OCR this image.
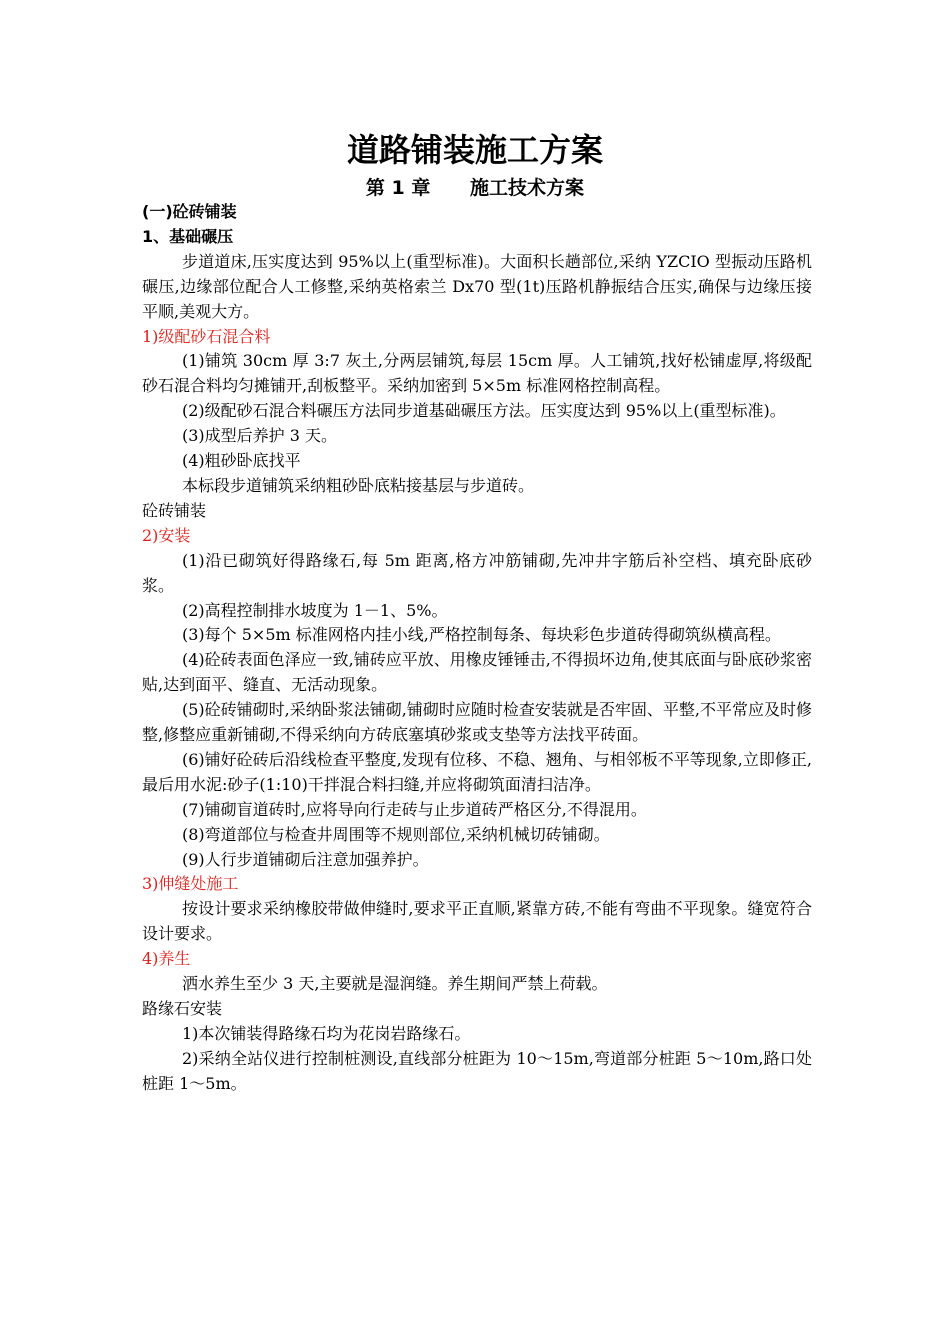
道路铺装施工方案
第 1 章      施工技术方案

(一)砼砖铺装

1、基础碾压

步道道床,压实度达到 95%以上(重型标准)。大面积长趟部位,采纳 YZCIO 型振动压路机碾压,边缘部位配合人工修整,采纳英格索兰 Dx70 型(1t)压路机静振结合压实,确保与边缘压接平顺,美观大方。

1)级配砂石混合料

(1)铺筑 30cm 厚 3:7 灰土,分两层铺筑,每层 15cm 厚。人工铺筑,找好松铺虚厚,将级配砂石混合料均匀摊铺开,刮板整平。采纳加密到 5×5m 标准网格控制高程。

(2)级配砂石混合料碾压方法同步道基础碾压方法。压实度达到 95%以上(重型标准)。

(3)成型后养护 3 天。

(4)粗砂卧底找平

本标段步道铺筑采纳粗砂卧底粘接基层与步道砖。

砼砖铺装

2)安装

(1)沿已砌筑好得路缘石,每 5m 距离,格方冲筋铺砌,先冲井字筋后补空档、填充卧底砂浆。

(2)高程控制排水坡度为 1－1、5%。

(3)每个 5×5m 标准网格内挂小线,严格控制每条、每块彩色步道砖得砌筑纵横高程。

(4)砼砖表面色泽应一致,铺砖应平放、用橡皮锤锤击,不得损坏边角,使其底面与卧底砂浆密贴,达到面平、缝直、无活动现象。

(5)砼砖铺砌时,采纳卧浆法铺砌,铺砌时应随时检查安装就是否牢固、平整,不平常应及时修整,修整应重新铺砌,不得采纳向方砖底塞填砂浆或支垫等方法找平砖面。

(6)铺好砼砖后沿线检查平整度,发现有位移、不稳、翘角、与相邻板不平等现象,立即修正,最后用水泥:砂子(1:10)干拌混合料扫缝,并应将砌筑面清扫洁净。

(7)铺砌盲道砖时,应将导向行走砖与止步道砖严格区分,不得混用。

(8)弯道部位与检查井周围等不规则部位,采纳机械切砖铺砌。

(9)人行步道铺砌后注意加强养护。

3)伸缝处施工

按设计要求采纳橡胶带做伸缝时,要求平正直顺,紧靠方砖,不能有弯曲不平现象。缝宽符合设计要求。

4)养生

洒水养生至少 3 天,主要就是湿润缝。养生期间严禁上荷载。

路缘石安装

1)本次铺装得路缘石均为花岗岩路缘石。

2)采纳全站仪进行控制桩测设,直线部分桩距为 10～15m,弯道部分桩距 5～10m,路口处桩距 1～5m。
